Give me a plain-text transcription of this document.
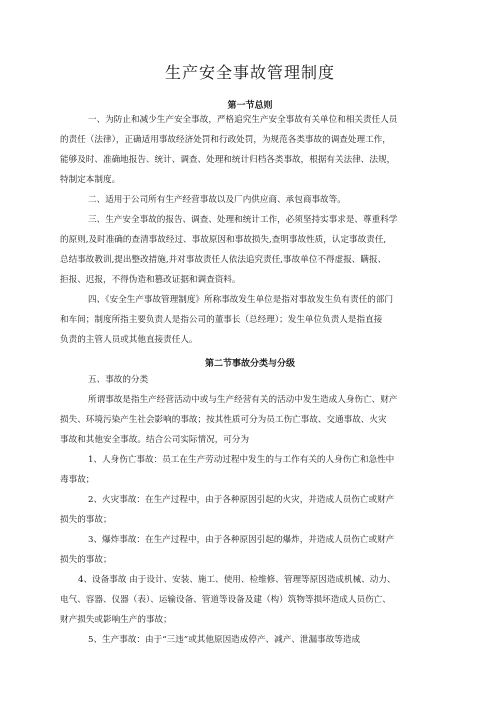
生产安全事故管理制度
第一节总则
一、为防止和减少生产安全事故，严格追究生产安全事故有关单位和相关责任人员
的责任（法律），正确适用事故经济处罚和行政处罚，为规范各类事故的调查处理工作，
能够及时、准确地报告、统计、调查、处理和统计归档各类事故，根据有关法律、法规，
特制定本制度。
二、适用于公司所有生产经营事故以及厂内供应商、承包商事故等。
三、生产安全事故的报告、调查、处理和统计工作，必须坚持实事求是、尊重科学
的原则,及时准确的查清事故经过、事故原因和事故损失,查明事故性质，认定事故责任,
总结事故教训,提出整改措施,并对事故责任人依法追究责任,事故单位不得虚报、瞒报、
拒报、迟报，不得伪造和篡改证据和调查资料。
四、《安全生产事故管理制度》所称事故发生单位是指对事故发生负有责任的部门
和车间；制度所指主要负责人是指公司的董事长（总经理）；发生单位负责人是指直接
负责的主管人员或其他直接责任人。
第二节事故分类与分级
五、事故的分类
所谓事故是指生产经营活动中或与生产经营有关的活动中发生造成人身伤亡、财产
损失、环境污染产生社会影响的事故；按其性质可分为员工伤亡事故、交通事故、火灾
事故和其他安全事故。结合公司实际情况，可分为
1、人身伤亡事故：员工在生产劳动过程中发生的与工作有关的人身伤亡和急性中
毒事故；
2、火灾事故：在生产过程中，由于各种原因引起的火灾，并造成人员伤亡或财产
损失的事故；
3、爆炸事故：在生产过程中，由于各种原因引起的爆炸，并造成人员伤亡或财产
损失的事故；
4、设备事故 由于设计、安装、施工、使用、检维修、管理等原因造成机械、动力、
电气、容器、仪器（表）、运输设备、管道等设备及建（构）筑物等损坏造成人员伤亡、
财产损失或影响生产的事故；
5、生产事故：由于“三违”或其他原因造成停产、减产、泄漏事故等造成
